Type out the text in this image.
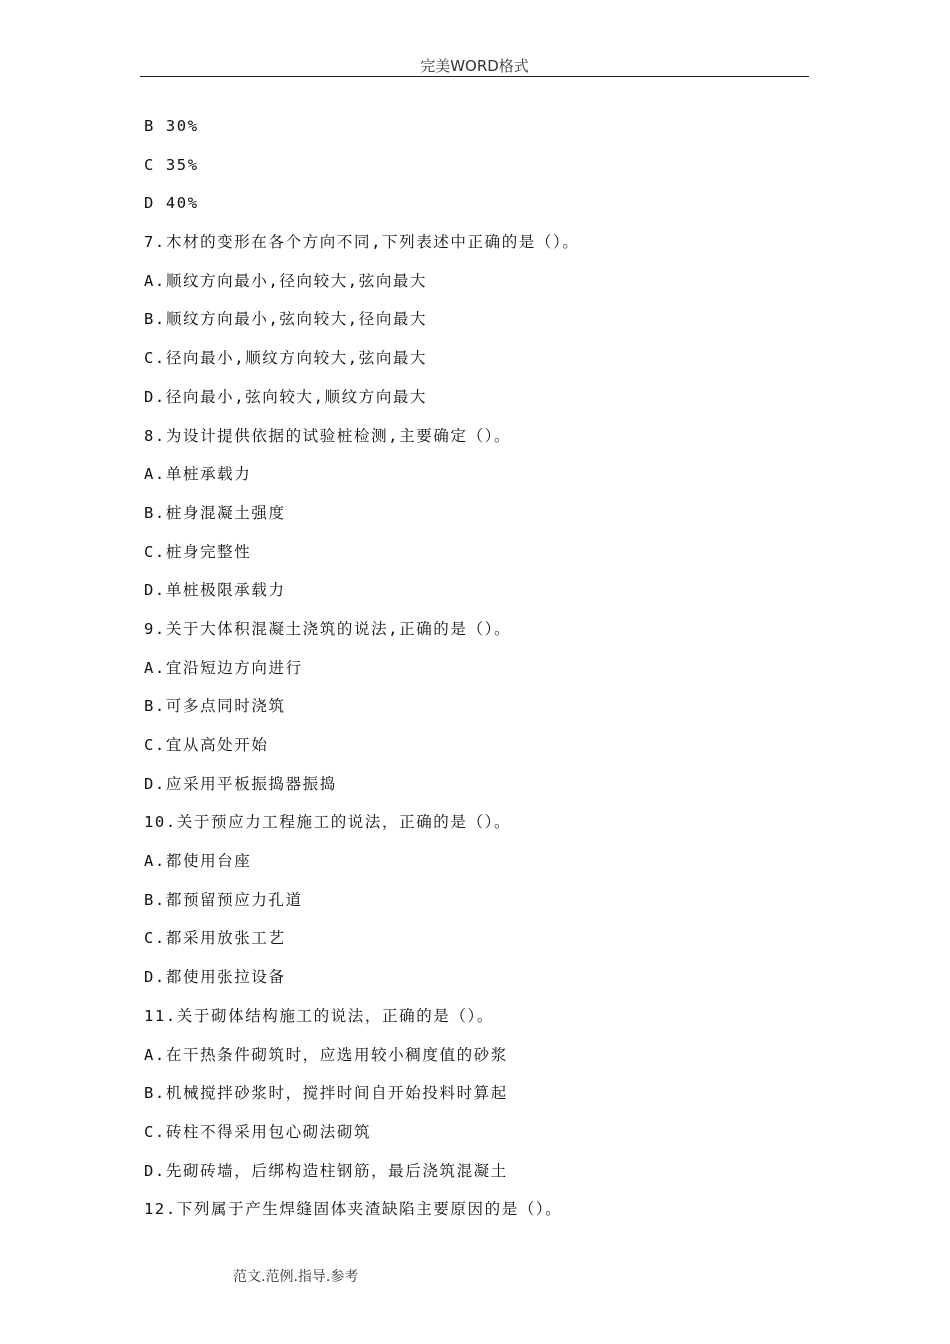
完美WORD格式
B 30%
C 35%
D 40%
7.木材的变形在各个方向不同,下列表述中正确的是（）。
A.顺纹方向最小,径向较大,弦向最大
B.顺纹方向最小,弦向较大,径向最大
C.径向最小,顺纹方向较大,弦向最大
D.径向最小,弦向较大,顺纹方向最大
8.为设计提供依据的试验桩检测,主要确定（）。
A.单桩承载力
B.桩身混凝土强度
C.桩身完整性
D.单桩极限承载力
9.关于大体积混凝土浇筑的说法,正确的是（）。
A.宜沿短边方向进行
B.可多点同时浇筑
C.宜从高处开始
D.应采用平板振捣器振捣
10.关于预应力工程施工的说法，正确的是（）。
A.都使用台座
B.都预留预应力孔道
C.都采用放张工艺
D.都使用张拉设备
11.关于砌体结构施工的说法，正确的是（）。
A.在干热条件砌筑时，应选用较小稠度值的砂浆
B.机械搅拌砂浆时，搅拌时间自开始投料时算起
C.砖柱不得采用包心砌法砌筑
D.先砌砖墙，后绑构造柱钢筋，最后浇筑混凝土
12.下列属于产生焊缝固体夹渣缺陷主要原因的是（）。
范文.范例.指导.参考
